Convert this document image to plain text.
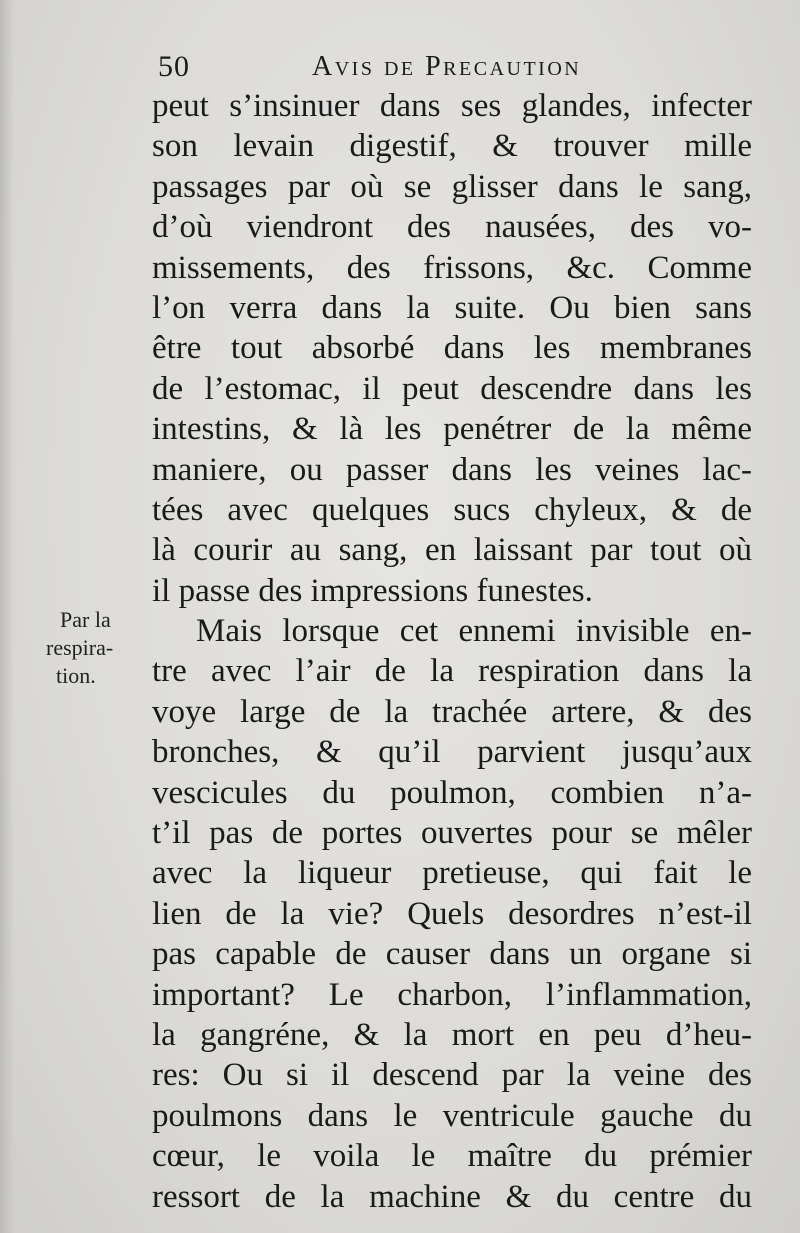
50	Avis de Precaution
Par la
respira-
tion.
peut s’insinuer dans ses glandes, infecter
son levain digestif, & trouver mille
passages par où se glisser dans le sang,
d’où viendront des nausées, des vo-
missements, des frissons, &c. Comme
l’on verra dans la suite. Ou bien sans
être tout absorbé dans les membranes
de l’estomac, il peut descendre dans les
intestins, & là les penétrer de la même
maniere, ou passer dans les veines lac-
tées avec quelques sucs chyleux, & de
là courir au sang, en laissant par tout où
il passe des impressions funestes.
Mais lorsque cet ennemi invisible en-
tre avec l’air de la respiration dans la
voye large de la trachée artere, & des
bronches, & qu’il parvient jusqu’aux
vescicules du poulmon, combien n’a-
t’il pas de portes ouvertes pour se mêler
avec la liqueur pretieuse, qui fait le
lien de la vie? Quels desordres n’est-il
pas capable de causer dans un organe si
important? Le charbon, l’inflammation,
la gangréne, & la mort en peu d’heu-
res: Ou si il descend par la veine des
poulmons dans le ventricule gauche du
cœur, le voila le maître du prémier
ressort de la machine & du centre du
